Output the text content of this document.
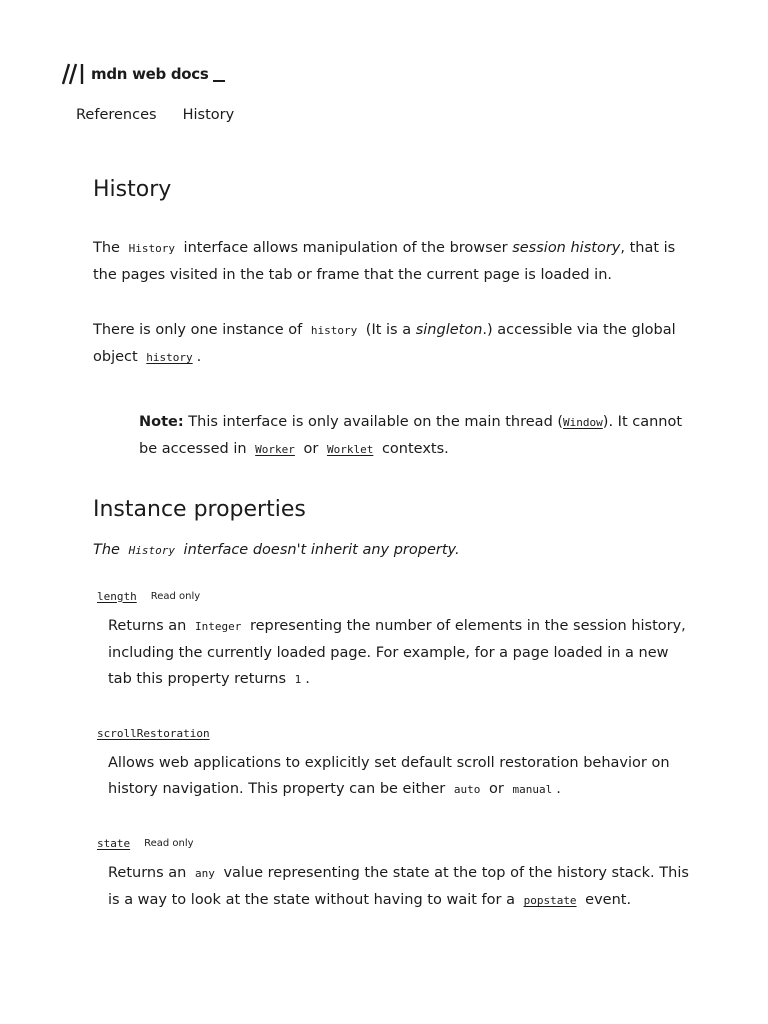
mdn web docs
References History
History

The History interface allows manipulation of the browser session history, that is the pages visited in the tab or frame that the current page is loaded in.

There is only one instance of history (It is a singleton.) accessible via the global object history .

Note: This interface is only available on the main thread (Window). It cannot be accessed in Worker or Worklet contexts.

Instance properties

The History interface doesn't inherit any property.

length Read only

Returns an Integer representing the number of elements in the session history, including the currently loaded page. For example, for a page loaded in a new tab this property returns 1 .

scrollRestoration

Allows web applications to explicitly set default scroll restoration behavior on history navigation. This property can be either auto or manual .

state Read only

Returns an any value representing the state at the top of the history stack. This is a way to look at the state without having to wait for a popstate event.
